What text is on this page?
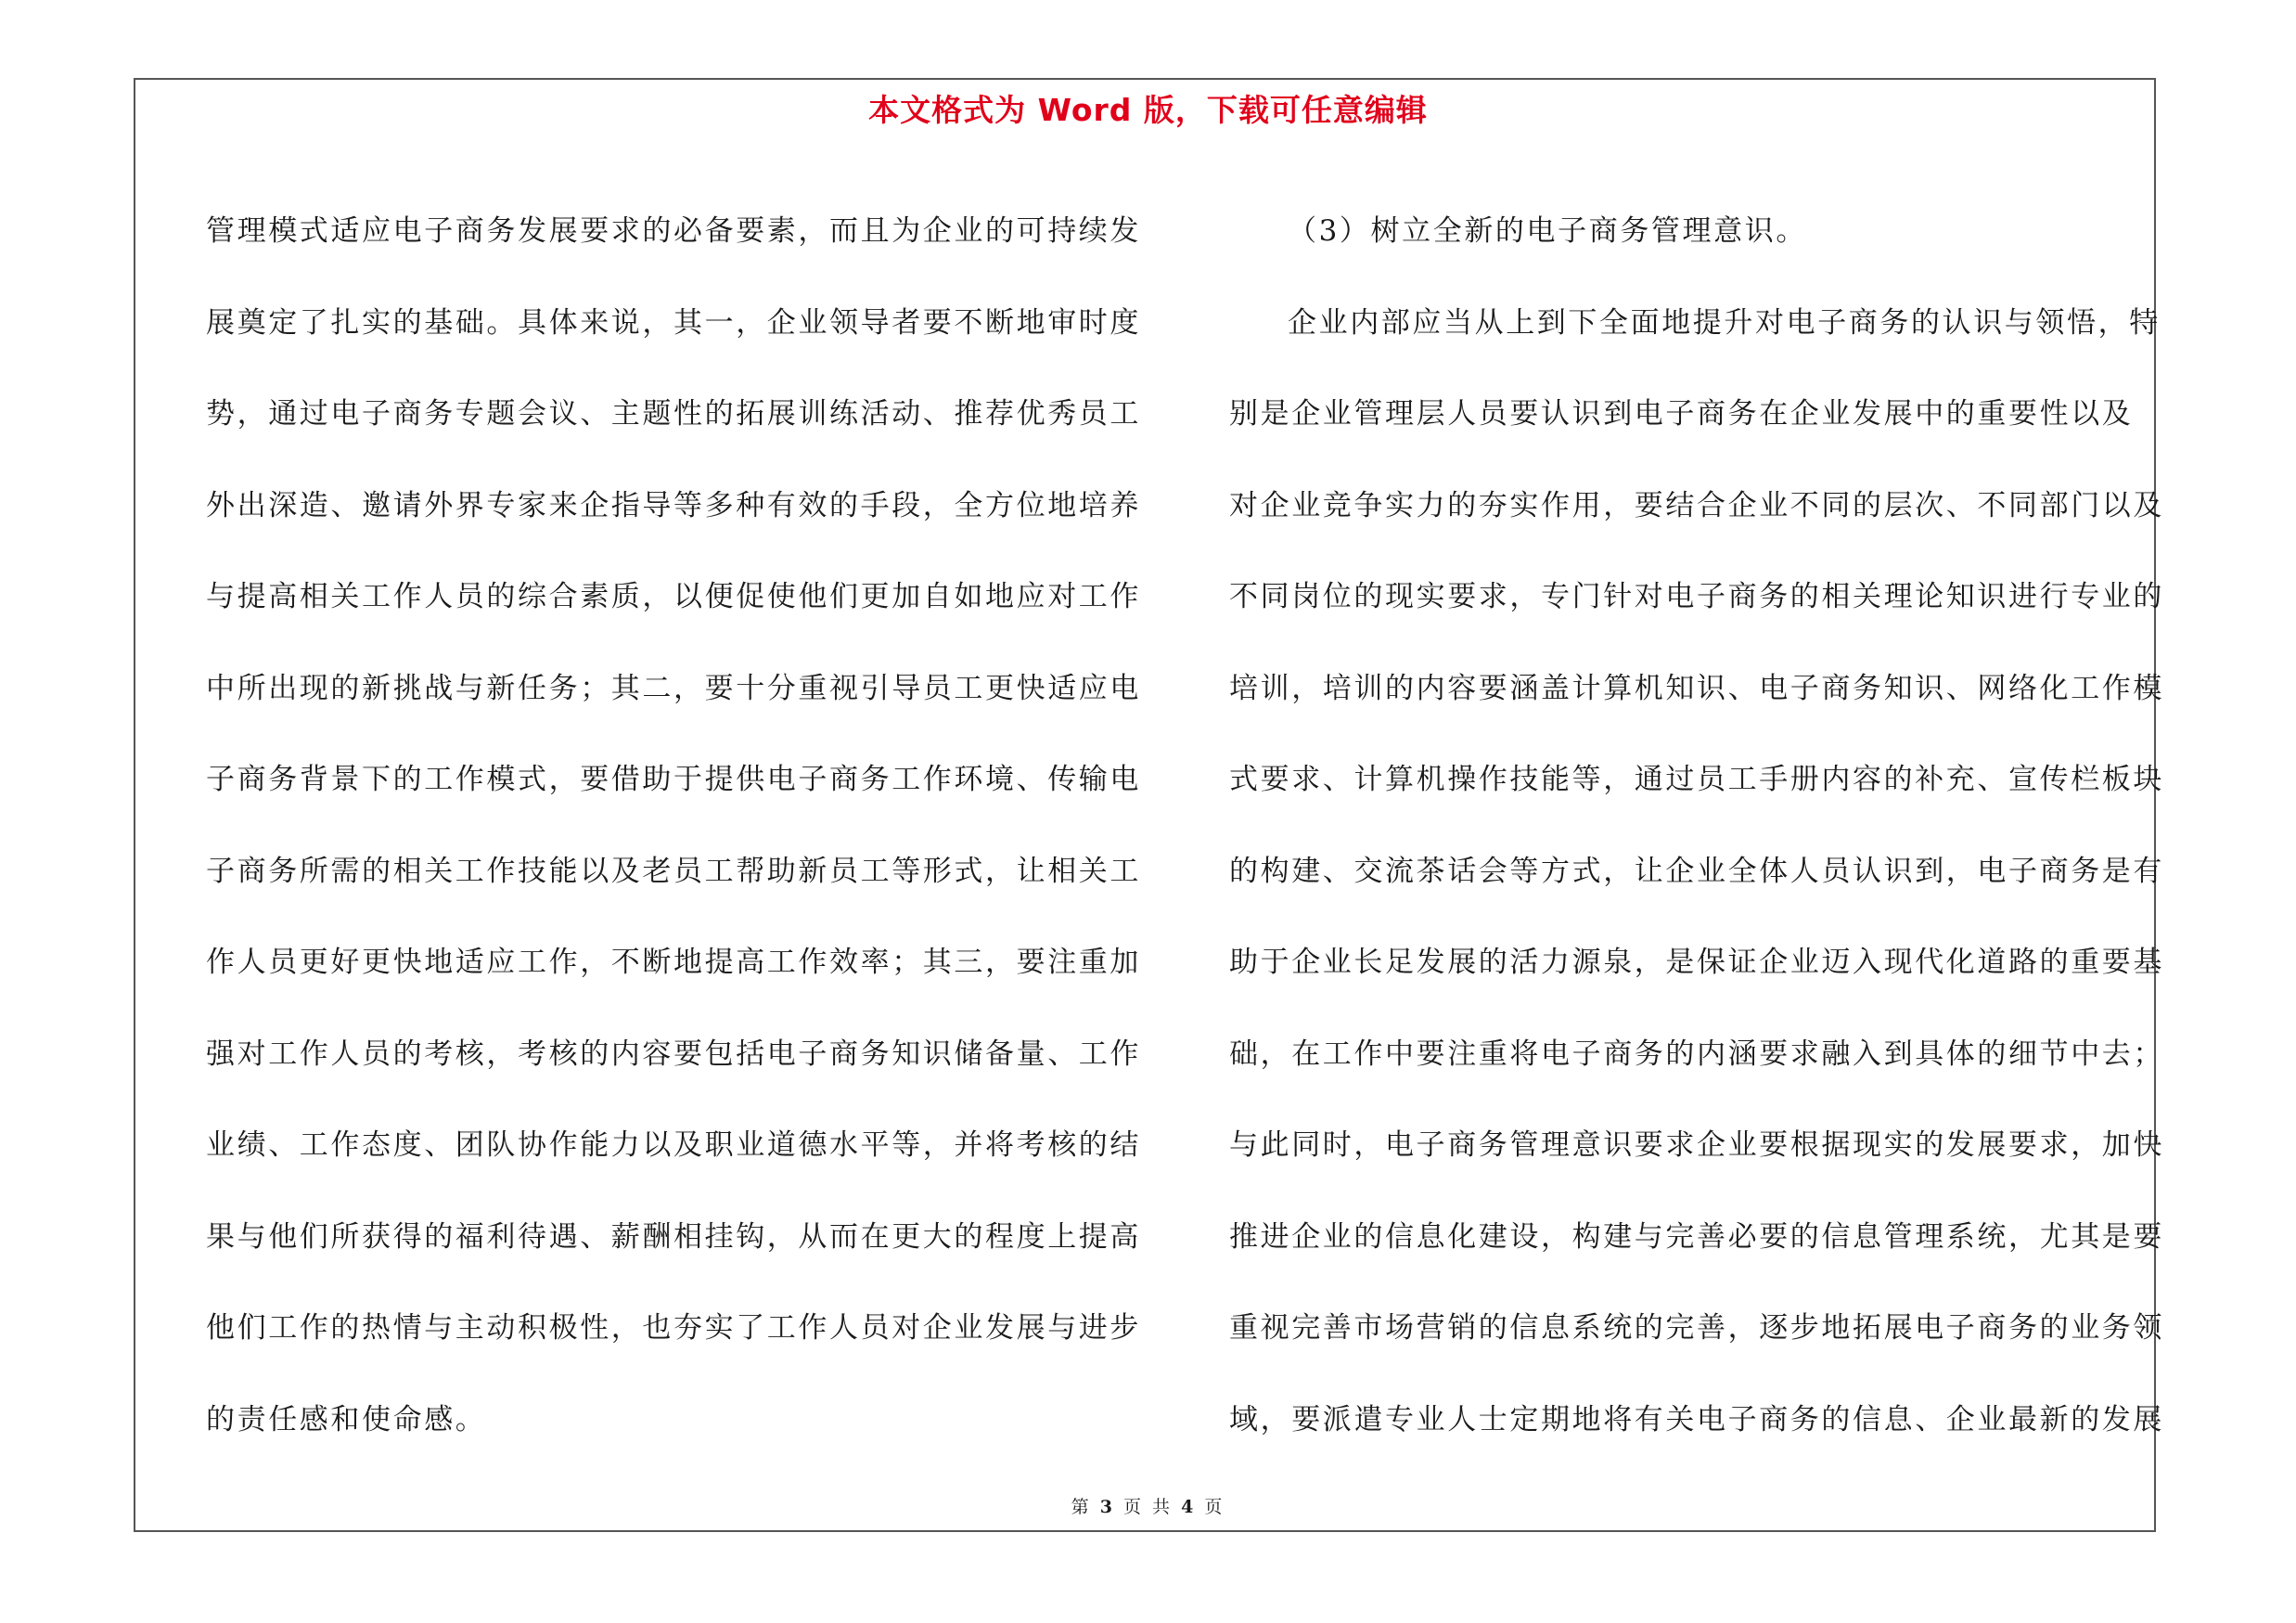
本文格式为 Word 版，下载可任意编辑
管理模式适应电子商务发展要求的必备要素，而且为企业的可持续发
展奠定了扎实的基础。具体来说，其一，企业领导者要不断地审时度
势，通过电子商务专题会议、主题性的拓展训练活动、推荐优秀员工
外出深造、邀请外界专家来企指导等多种有效的手段，全方位地培养
与提高相关工作人员的综合素质，以便促使他们更加自如地应对工作
中所出现的新挑战与新任务；其二，要十分重视引导员工更快适应电
子商务背景下的工作模式，要借助于提供电子商务工作环境、传输电
子商务所需的相关工作技能以及老员工帮助新员工等形式，让相关工
作人员更好更快地适应工作，不断地提高工作效率；其三，要注重加
强对工作人员的考核，考核的内容要包括电子商务知识储备量、工作
业绩、工作态度、团队协作能力以及职业道德水平等，并将考核的结
果与他们所获得的福利待遇、薪酬相挂钩，从而在更大的程度上提高
他们工作的热情与主动积极性，也夯实了工作人员对企业发展与进步
的责任感和使命感。
（3）树立全新的电子商务管理意识。
企业内部应当从上到下全面地提升对电子商务的认识与领悟，特
别是企业管理层人员要认识到电子商务在企业发展中的重要性以及
对企业竞争实力的夯实作用，要结合企业不同的层次、不同部门以及
不同岗位的现实要求，专门针对电子商务的相关理论知识进行专业的
培训，培训的内容要涵盖计算机知识、电子商务知识、网络化工作模
式要求、计算机操作技能等，通过员工手册内容的补充、宣传栏板块
的构建、交流茶话会等方式，让企业全体人员认识到，电子商务是有
助于企业长足发展的活力源泉，是保证企业迈入现代化道路的重要基
础，在工作中要注重将电子商务的内涵要求融入到具体的细节中去；
与此同时，电子商务管理意识要求企业要根据现实的发展要求，加快
推进企业的信息化建设，构建与完善必要的信息管理系统，尤其是要
重视完善市场营销的信息系统的完善，逐步地拓展电子商务的业务领
域，要派遣专业人士定期地将有关电子商务的信息、企业最新的发展
第 3 页 共 4 页
